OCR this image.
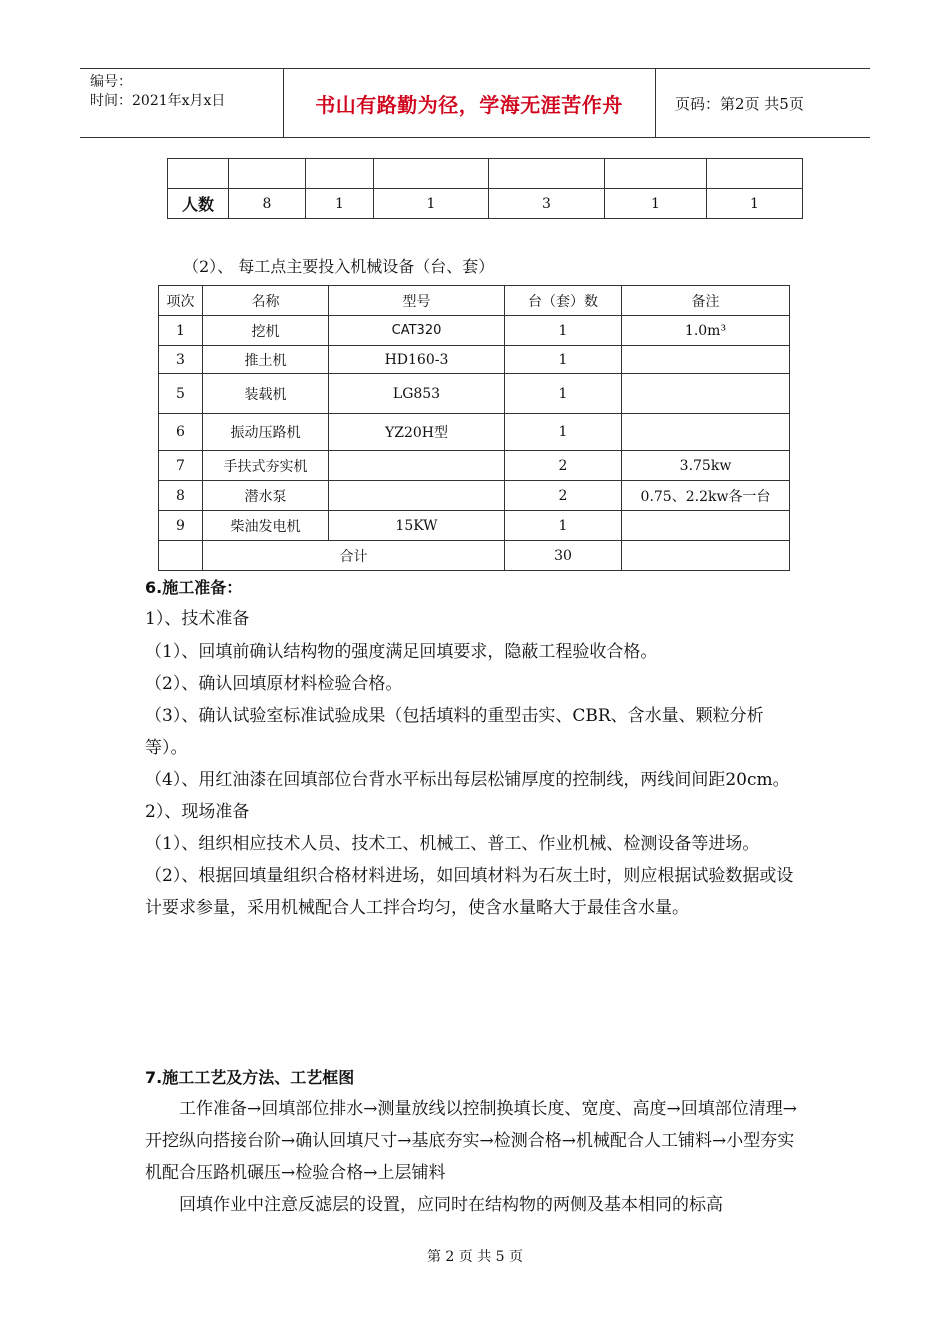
编号：
时间：2021年x月x日	书山有路勤为径，学海无涯苦作舟	页码：第2页 共5页

人数	8	1	1	3	1	1
（2）、 每工点主要投入机械设备（台、套）
项次	名称	型号	台（套）数	备注
1	挖机	CAT320	1	1.0m³
3	推土机	HD160-3	1	
5	装载机	LG853	1	
6	振动压路机	YZ20H型	1	
7	手扶式夯实机		2	3.75kw
8	潜水泵		2	0.75、2.2kw各一台
9	柴油发电机	15KW	1	
	合计		30	
6.施工准备：
1）、技术准备
（1）、回填前确认结构物的强度满足回填要求，隐蔽工程验收合格。
（2）、确认回填原材料检验合格。
（3）、确认试验室标准试验成果（包括填料的重型击实、CBR、含水量、颗粒分析等）。
（4）、用红油漆在回填部位台背水平标出每层松铺厚度的控制线，两线间间距20cm。
2）、现场准备
（1）、组织相应技术人员、技术工、机械工、普工、作业机械、检测设备等进场。
（2）、根据回填量组织合格材料进场，如回填材料为石灰土时，则应根据试验数据或设计要求参量，采用机械配合人工拌合均匀，使含水量略大于最佳含水量。
7.施工工艺及方法、工艺框图
工作准备→回填部位排水→测量放线以控制换填长度、宽度、高度→回填部位清理→开挖纵向搭接台阶→确认回填尺寸→基底夯实→检测合格→机械配合人工铺料→小型夯实机配合压路机碾压→检验合格→上层铺料
回填作业中注意反滤层的设置，应同时在结构物的两侧及基本相同的标高
第 2 页 共 5 页
